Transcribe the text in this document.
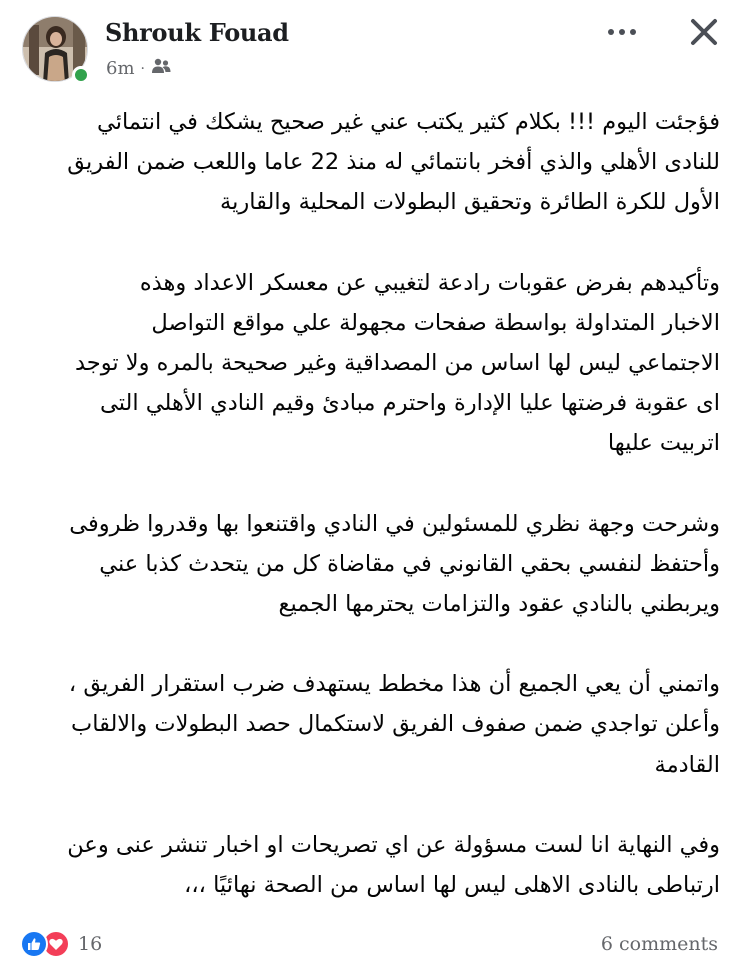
Shrouk Fouad
6m ·

فؤجئت اليوم !!! بكلام كثير يكتب عني غير صحيح يشكك في انتمائي

للنادى الأهلي والذي أفخر بانتمائي له منذ 22 عاما واللعب ضمن الفريق

الأول للكرة الطائرة وتحقيق البطولات المحلية والقارية

وتأكيدهم بفرض عقوبات رادعة لتغيبي عن معسكر الاعداد وهذه

الاخبار المتداولة بواسطة صفحات مجهولة علي مواقع التواصل

الاجتماعي ليس لها اساس من المصداقية وغير صحيحة بالمره ولا توجد

اى عقوبة فرضتها عليا الإدارة واحترم مبادئ وقيم النادي الأهلي التى

اتربيت عليها

وشرحت وجهة نظري للمسئولين في النادي واقتنعوا بها وقدروا ظروفى

وأحتفظ لنفسي بحقي القانوني في مقاضاة كل من يتحدث كذبا عني

ويربطني بالنادي عقود والتزامات يحترمها الجميع

واتمني أن يعي الجميع أن هذا مخطط يستهدف ضرب استقرار الفريق ،

وأعلن تواجدي ضمن صفوف الفريق لاستكمال حصد البطولات والالقاب

القادمة

وفي النهاية انا لست مسؤولة عن اي تصريحات او اخبار تنشر عنى وعن

ارتباطى بالنادى الاهلى ليس لها اساس من الصحة نهائيًا ،،،

16	6 comments
